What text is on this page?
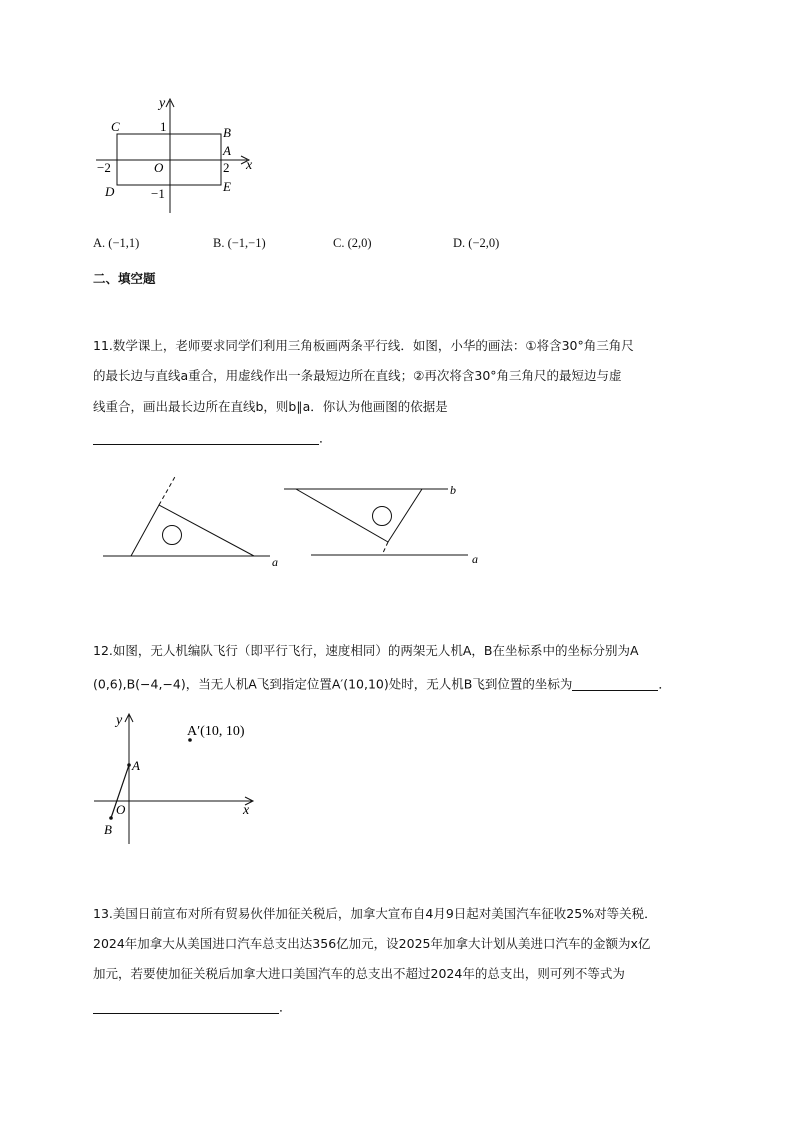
y
x
C	B
A
D	E
O
1
−1
2
−2
A. (−1,1)	B. (−1,−1)	C. (2,0)	D. (−2,0)
二、填空题
11.数学课上，老师要求同学们利用三角板画两条平行线．如图，小华的画法：①将含30°角三角尺
的最长边与直线a重合，用虚线作出一条最短边所在直线；②再次将含30°角三角尺的最短边与虚
线重合，画出最长边所在直线b，则b∥a．你认为他画图的依据是
．
a
b
a
12.如图，无人机编队飞行（即平行飞行，速度相同）的两架无人机A，B在坐标系中的坐标分别为A
(0,6),B(−4,−4)，当无人机A飞到指定位置A′(10,10)处时，无人机B飞到位置的坐标为	．
y
x
A
B
O
A′(10, 10)
13.美国日前宣布对所有贸易伙伴加征关税后，加拿大宣布自4月9日起对美国汽车征收25%对等关税．
2024年加拿大从美国进口汽车总支出达356亿加元，设2025年加拿大计划从美进口汽车的金额为x亿
加元，若要使加征关税后加拿大进口美国汽车的总支出不超过2024年的总支出，则可列不等式为
．
